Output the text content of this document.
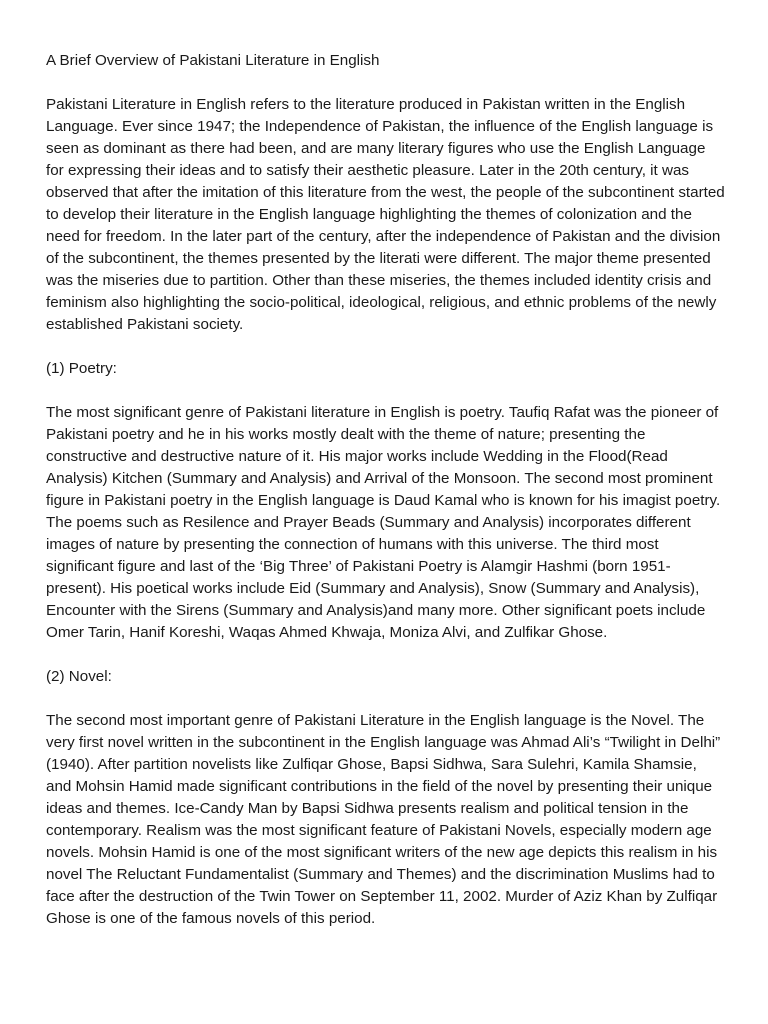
A Brief Overview of Pakistani Literature in English

Pakistani Literature in English refers to the literature produced in Pakistan written in the English Language. Ever since 1947; the Independence of Pakistan, the influence of the English language is seen as dominant as there had been, and are many literary figures who use the English Language for expressing their ideas and to satisfy their aesthetic pleasure. Later in the 20th century, it was observed that after the imitation of this literature from the west, the people of the subcontinent started to develop their literature in the English language highlighting the themes of colonization and the need for freedom. In the later part of the century, after the independence of Pakistan and the division of the subcontinent, the themes presented by the literati were different. The major theme presented was the miseries due to partition. Other than these miseries, the themes included identity crisis and feminism also highlighting the socio-political, ideological, religious, and ethnic problems of the newly established Pakistani society.

(1) Poetry:

The most significant genre of Pakistani literature in English is poetry. Taufiq Rafat was the pioneer of Pakistani poetry and he in his works mostly dealt with the theme of nature; presenting the constructive and destructive nature of it. His major works include Wedding in the Flood(Read Analysis) Kitchen (Summary and Analysis) and Arrival of the Monsoon. The second most prominent figure in Pakistani poetry in the English language is Daud Kamal who is known for his imagist poetry. The poems such as Resilence and Prayer Beads (Summary and Analysis) incorporates different images of nature by presenting the connection of humans with this universe. The third most significant figure and last of the ‘Big Three’ of Pakistani Poetry is Alamgir Hashmi (born 1951- present). His poetical works include Eid (Summary and Analysis), Snow (Summary and Analysis), Encounter with the Sirens (Summary and Analysis)and many more. Other significant poets include Omer Tarin, Hanif Koreshi, Waqas Ahmed Khwaja, Moniza Alvi, and Zulfikar Ghose.

(2) Novel:

The second most important genre of Pakistani Literature in the English language is the Novel. The very first novel written in the subcontinent in the English language was Ahmad Ali’s “Twilight in Delhi” (1940). After partition novelists like Zulfiqar Ghose, Bapsi Sidhwa, Sara Sulehri, Kamila Shamsie, and Mohsin Hamid made significant contributions in the field of the novel by presenting their unique ideas and themes. Ice-Candy Man by Bapsi Sidhwa presents realism and political tension in the contemporary. Realism was the most significant feature of Pakistani Novels, especially modern age novels. Mohsin Hamid is one of the most significant writers of the new age depicts this realism in his novel The Reluctant Fundamentalist (Summary and Themes) and the discrimination Muslims had to face after the destruction of the Twin Tower on September 11, 2002. Murder of Aziz Khan by Zulfiqar Ghose is one of the famous novels of this period.
